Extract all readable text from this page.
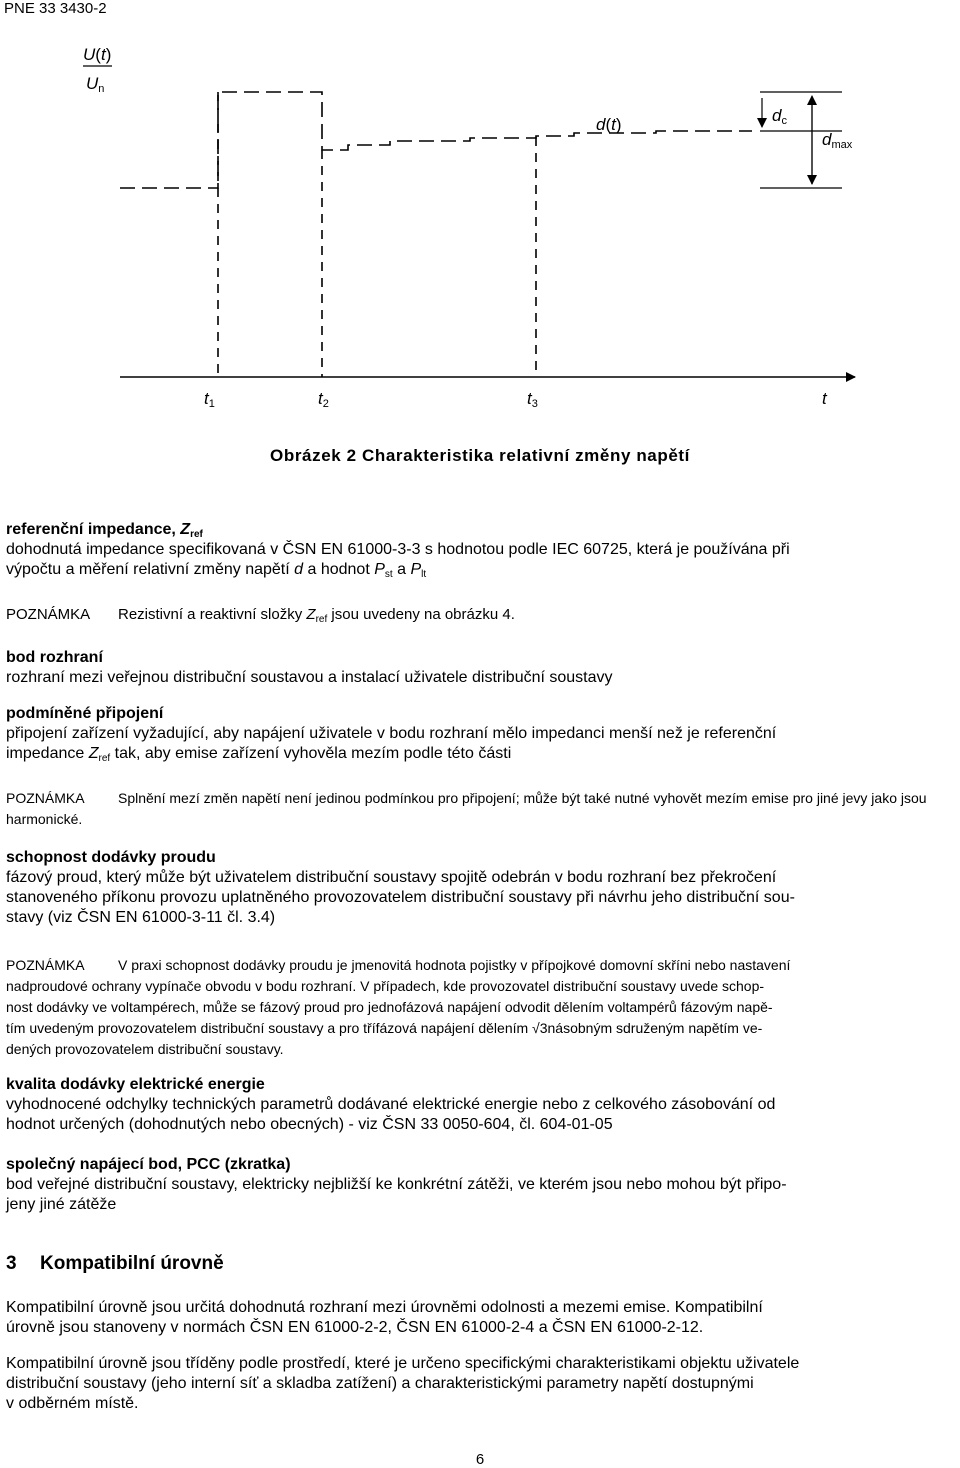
PNE 33 3430-2
U(t)
Un
d(t)	dc
dmax
t1	t2	t3	t
Obrázek 2 Charakteristika relativní změny napětí
referenční impedance, $Z_{ref}$
dohodnutá impedance specifikovaná v ČSN EN 61000-3-3 s hodnotou podle IEC 60725, která je používána při
výpočtu a měření relativní změny napětí d a hodnot $P_{st}$ a $P_{lt}$
POZNÁMKA Rezistivní a reaktivní složky $Z_{ref}$ jsou uvedeny na obrázku 4.
bod rozhraní
rozhraní mezi veřejnou distribuční soustavou a instalací uživatele distribuční soustavy
podmíněné připojení
připojení zařízení vyžadující, aby napájení uživatele v bodu rozhraní mělo impedanci menší než je referenční
impedance $Z_{ref}$ tak, aby emise zařízení vyhověla mezím podle této části
POZNÁMKA Splnění mezí změn napětí není jedinou podmínkou pro připojení; může být také nutné vyhovět mezím emise pro jiné jevy jako jsou harmonické.
schopnost dodávky proudu
fázový proud, který může být uživatelem distribuční soustavy spojitě odebrán v bodu rozhraní bez překročení
stanoveného příkonu provozu uplatněného provozovatelem distribuční soustavy při návrhu jeho distribuční sou-
stavy (viz ČSN EN 61000-3-11 čl. 3.4)
POZNÁMKA V praxi schopnost dodávky proudu je jmenovitá hodnota pojistky v přípojkové domovní skříni nebo nastavení
nadproudové ochrany vypínače obvodu v bodu rozhraní. V případech, kde provozovatel distribuční soustavy uvede schop-
nost dodávky ve voltampérech, může se fázový proud pro jednofázová napájení odvodit dělením voltampérů fázovým napě-
tím uvedeným provozovatelem distribuční soustavy a pro třífázová napájení dělením √3násobným sdruženým napětím ve-
dených provozovatelem distribuční soustavy.
kvalita dodávky elektrické energie
vyhodnocené odchylky technických parametrů dodávané elektrické energie nebo z celkového zásobování od
hodnot určených (dohodnutých nebo obecných) - viz ČSN 33 0050-604, čl. 604-01-05
společný napájecí bod, PCC (zkratka)
bod veřejné distribuční soustavy, elektricky nejbližší ke konkrétní zátěži, ve kterém jsou nebo mohou být připo-
jeny jiné zátěže
3 Kompatibilní úrovně
Kompatibilní úrovně jsou určitá dohodnutá rozhraní mezi úrovněmi odolnosti a mezemi emise. Kompatibilní
úrovně jsou stanoveny v normách ČSN EN 61000-2-2, ČSN EN 61000-2-4 a ČSN EN 61000-2-12.
Kompatibilní úrovně jsou tříděny podle prostředí, které je určeno specifickými charakteristikami objektu uživatele
distribuční soustavy (jeho interní síť a skladba zatížení) a charakteristickými parametry napětí dostupnými
v odběrném místě.
6
